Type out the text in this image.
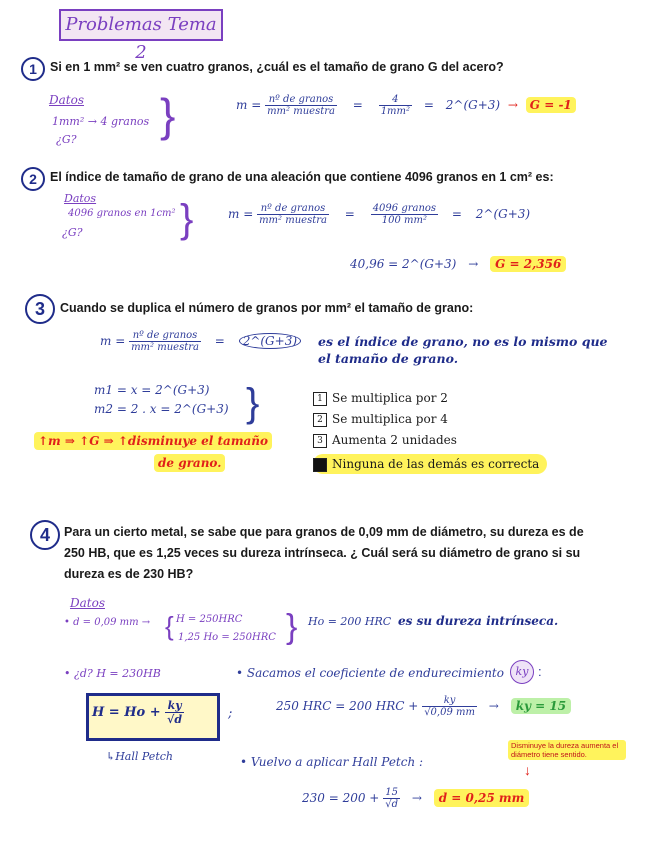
Problemas Tema 2
1	Si en 1 mm² se ven cuatro granos, ¿cuál es el tamaño de grano G del acero?
Datos
1mm² → 4 granos
¿G? }	$m = \frac{\text{nº de granos}}{\text{mm² muestra}} = \frac{4}{\text{1mm²}}$ = 2^(G+3) → G = -1
2	El índice de tamaño de grano de una aleación que contiene 4096 granos en 1 cm² es:
Datos
4096 granos en 1cm²
¿G? }	$m = \frac{\text{nº de granos}}{\text{mm² muestra}} = \frac{\text{4096 granos}}{\text{100 mm²}}$ = 2^(G+3)
40,96 = 2^(G+3) → G = 2,356
3	Cuando se duplica el número de granos por mm² el tamaño de grano:
$m = \frac{\text{nº de granos}}{\text{mm² muestra}}$ = 2^(G+3)	es el índice de grano, no es lo mismo que el tamaño de grano.
m1 = x = 2^(G+3)
m2 = 2 . x = 2^(G+3) }
↑m ⇒ ↑G ⇒ ↑disminuye el tamaño
de grano.
1 Se multiplica por 2
2 Se multiplica por 4
3 Aumenta 2 unidades
Ninguna de las demás es correcta
4	Para un cierto metal, se sabe que para granos de 0,09 mm de diámetro, su dureza es de
250 HB, que es 1,25 veces su dureza intrínseca. ¿ Cuál será su diámetro de grano si su
dureza es de 230 HB?
Datos
• d = 0,09 mm → { H = 250HRC
1,25 Ho = 250HRC } Ho = 200 HRC es su dureza intrínseca.
• ¿d? H = 230HB	• Sacamos el coeficiente de endurecimiento	ky :
$H = Ho + \frac{ky}{√d}$	;
↳Hall Petch
250 HRC = 200 HRC + $\frac{ky}{√0,09 mm}$ → ky = 15
• Vuelvo a aplicar Hall Petch :
Disminuye la dureza aumenta el diámetro tiene sentido.
↓
$230 = 200 + \frac{15}{√d} \to d = 0,25$ mm
